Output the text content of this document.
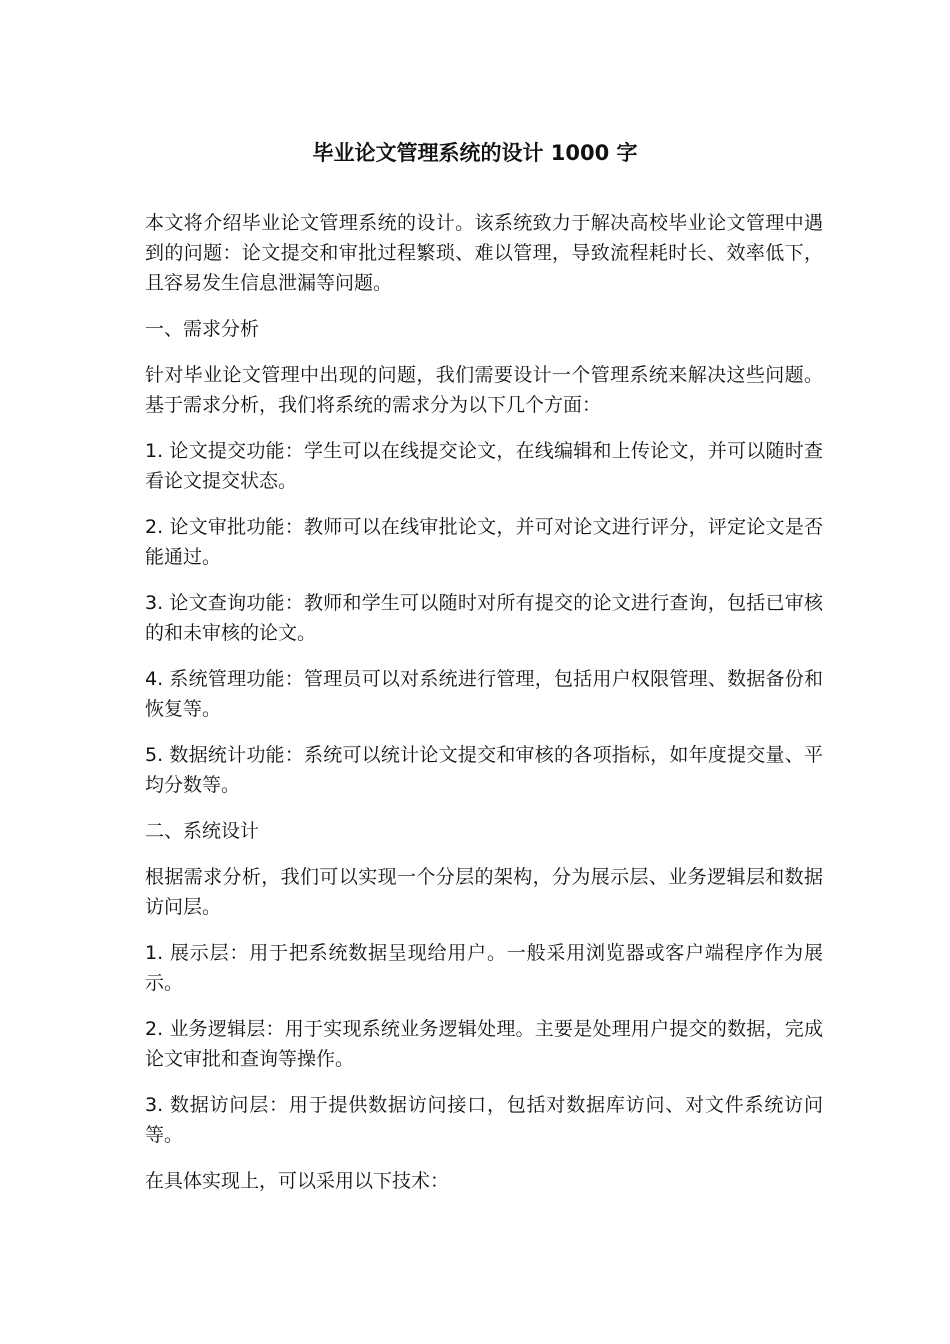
毕业论文管理系统的设计 1000 字

本文将介绍毕业论文管理系统的设计。该系统致力于解决高校毕业论文管理中遇到的问题：论文提交和审批过程繁琐、难以管理，导致流程耗时长、效率低下，且容易发生信息泄漏等问题。

一、需求分析

针对毕业论文管理中出现的问题，我们需要设计一个管理系统来解决这些问题。基于需求分析，我们将系统的需求分为以下几个方面：

1. 论文提交功能：学生可以在线提交论文，在线编辑和上传论文，并可以随时查看论文提交状态。

2. 论文审批功能：教师可以在线审批论文，并可对论文进行评分，评定论文是否能通过。

3. 论文查询功能：教师和学生可以随时对所有提交的论文进行查询，包括已审核的和未审核的论文。

4. 系统管理功能：管理员可以对系统进行管理，包括用户权限管理、数据备份和恢复等。

5. 数据统计功能：系统可以统计论文提交和审核的各项指标，如年度提交量、平均分数等。

二、系统设计

根据需求分析，我们可以实现一个分层的架构，分为展示层、业务逻辑层和数据访问层。

1. 展示层：用于把系统数据呈现给用户。一般采用浏览器或客户端程序作为展示。

2. 业务逻辑层：用于实现系统业务逻辑处理。主要是处理用户提交的数据，完成论文审批和查询等操作。

3. 数据访问层：用于提供数据访问接口，包括对数据库访问、对文件系统访问等。

在具体实现上，可以采用以下技术：
